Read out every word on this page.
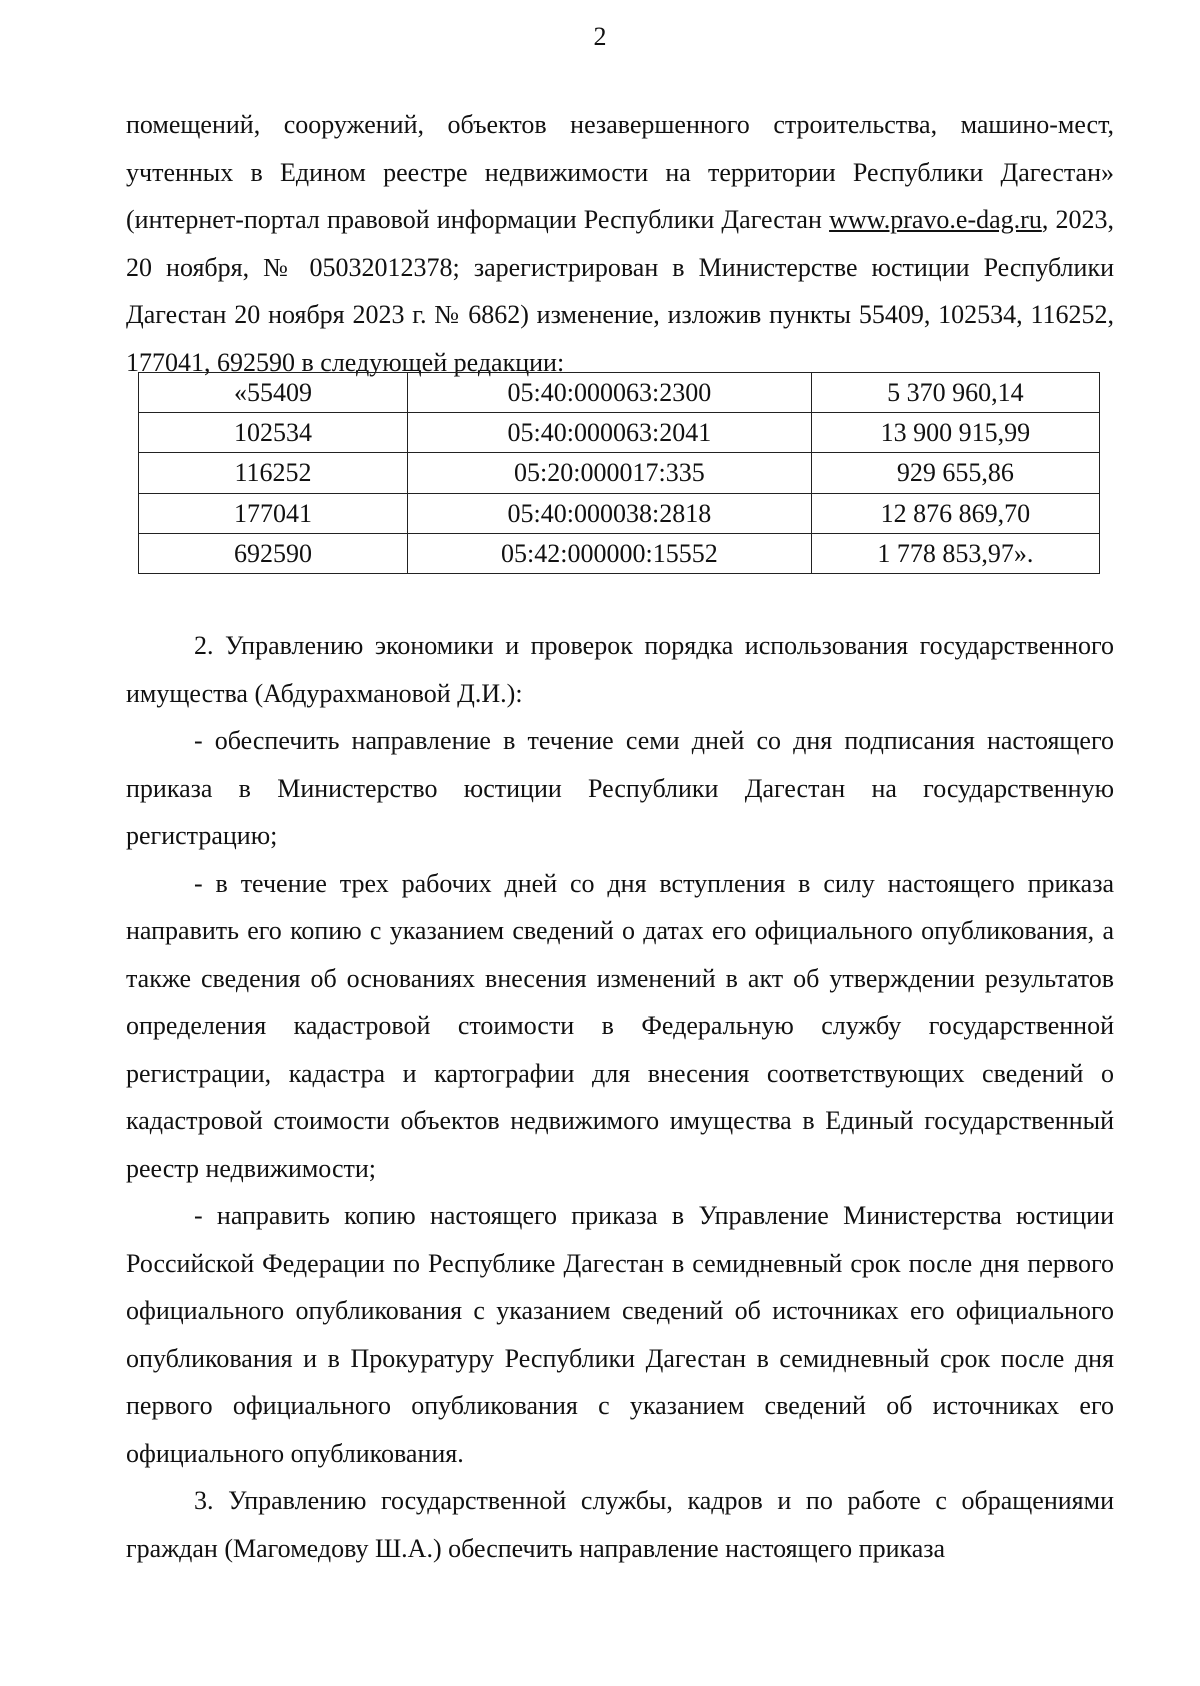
2

помещений, сооружений, объектов незавершенного строительства, машино-мест, учтенных в Едином реестре недвижимости на территории Республики Дагестан» (интернет-портал правовой информации Республики Дагестан www.pravo.e-dag.ru, 2023, 20 ноября, № 05032012378; зарегистрирован в Министерстве юстиции Республики Дагестан 20 ноября 2023 г. № 6862) изменение, изложив пункты 55409, 102534, 116252, 177041, 692590 в следующей редакции:

«55409	05:40:000063:2300	5 370 960,14
102534	05:40:000063:2041	13 900 915,99
116252	05:20:000017:335	929 655,86
177041	05:40:000038:2818	12 876 869,70
692590	05:42:000000:15552	1 778 853,97».

2. Управлению экономики и проверок порядка использования государственного имущества (Абдурахмановой Д.И.):

- обеспечить направление в течение семи дней со дня подписания настоящего приказа в Министерство юстиции Республики Дагестан на государственную регистрацию;

- в течение трех рабочих дней со дня вступления в силу настоящего приказа направить его копию с указанием сведений о датах его официального опубликования, а также сведения об основаниях внесения изменений в акт об утверждении результатов определения кадастровой стоимости в Федеральную службу государственной регистрации, кадастра и картографии для внесения соответствующих сведений о кадастровой стоимости объектов недвижимого имущества в Единый государственный реестр недвижимости;

- направить копию настоящего приказа в Управление Министерства юстиции Российской Федерации по Республике Дагестан в семидневный срок после дня первого официального опубликования с указанием сведений об источниках его официального опубликования и в Прокуратуру Республики Дагестан в семидневный срок после дня первого официального опубликования с указанием сведений об источниках его официального опубликования.

3. Управлению государственной службы, кадров и по работе с обращениями граждан (Магомедову Ш.А.) обеспечить направление настоящего приказа
